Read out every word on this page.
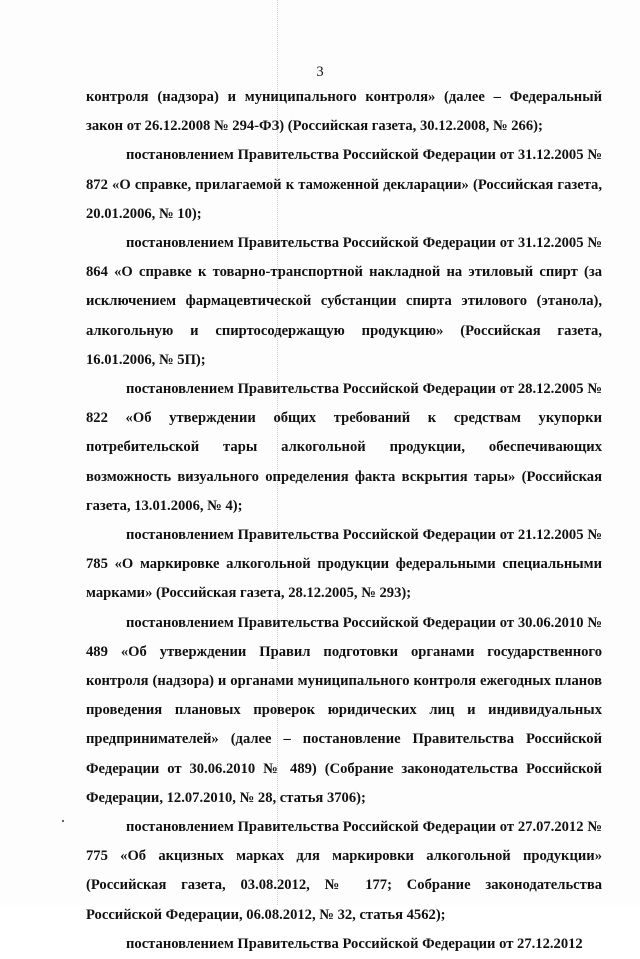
3

контроля (надзора) и муниципального контроля» (далее – Федеральный закон от 26.12.2008 № 294-ФЗ) (Российская газета, 30.12.2008, № 266);

постановлением Правительства Российской Федерации от 31.12.2005 № 872 «О справке, прилагаемой к таможенной декларации» (Российская газета, 20.01.2006, № 10);

постановлением Правительства Российской Федерации от 31.12.2005 № 864 «О справке к товарно-транспортной накладной на этиловый спирт (за исключением фармацевтической субстанции спирта этилового (этанола), алкогольную и спиртосодержащую продукцию» (Российская газета, 16.01.2006, № 5П);

постановлением Правительства Российской Федерации от 28.12.2005 № 822 «Об утверждении общих требований к средствам укупорки потребительской тары алкогольной продукции, обеспечивающих возможность визуального определения факта вскрытия тары» (Российская газета, 13.01.2006, № 4);

постановлением Правительства Российской Федерации от 21.12.2005 № 785 «О маркировке алкогольной продукции федеральными специальными марками» (Российская газета, 28.12.2005, № 293);

постановлением Правительства Российской Федерации от 30.06.2010 № 489 «Об утверждении Правил подготовки органами государственного контроля (надзора) и органами муниципального контроля ежегодных планов проведения плановых проверок юридических лиц и индивидуальных предпринимателей» (далее – постановление Правительства Российской Федерации от 30.06.2010 № 489) (Собрание законодательства Российской Федерации, 12.07.2010, № 28, статья 3706);

постановлением Правительства Российской Федерации от 27.07.2012 № 775 «Об акцизных марках для маркировки алкогольной продукции» (Российская газета, 03.08.2012, № 177; Собрание законодательства Российской Федерации, 06.08.2012, № 32, статья 4562);

постановлением Правительства Российской Федерации от 27.12.2012
